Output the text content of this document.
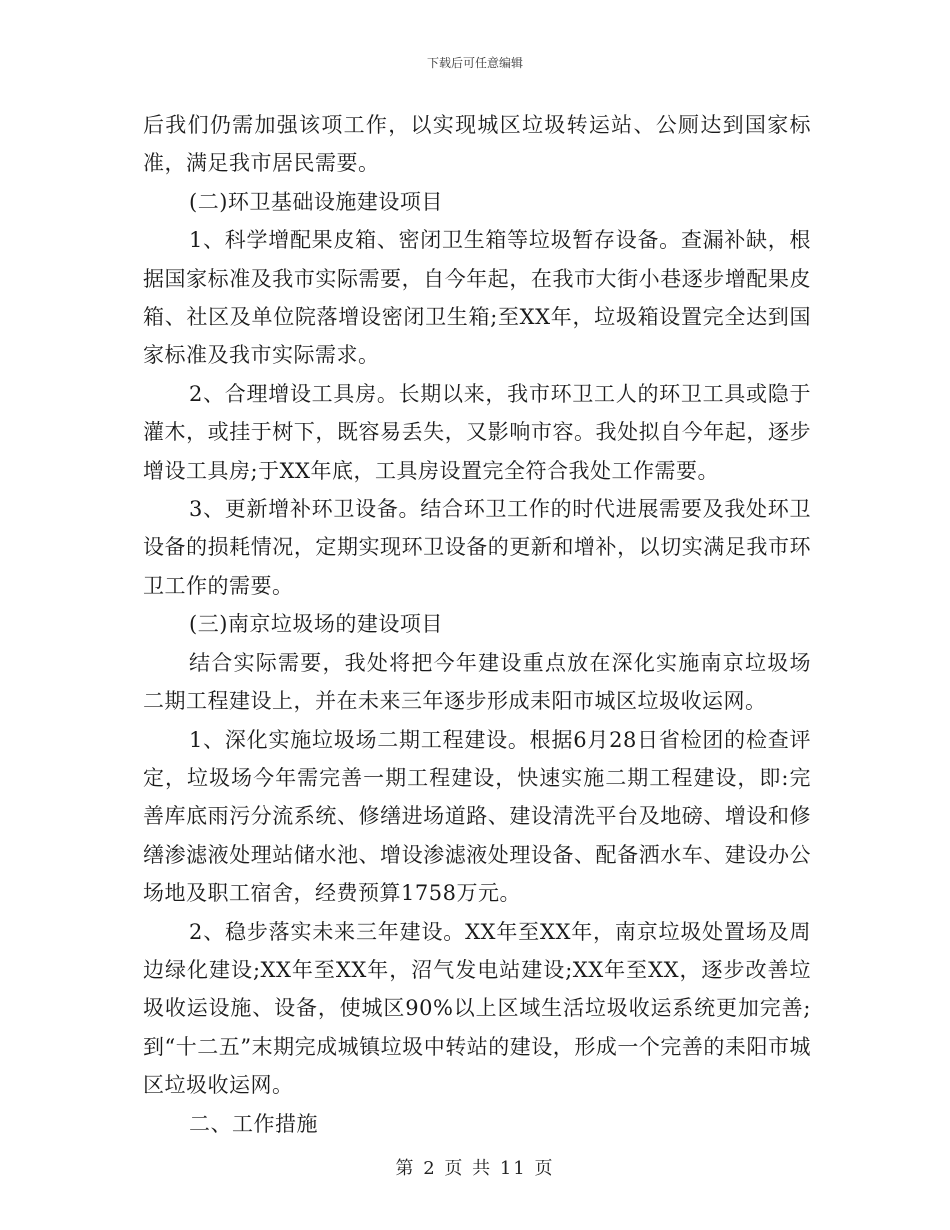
下载后可任意编辑

后我们仍需加强该项工作，以实现城区垃圾转运站、公厕达到国家标准，满足我市居民需要。

(二)环卫基础设施建设项目

1、科学增配果皮箱、密闭卫生箱等垃圾暂存设备。查漏补缺，根据国家标准及我市实际需要，自今年起，在我市大街小巷逐步增配果皮箱、社区及单位院落增设密闭卫生箱;至XX年，垃圾箱设置完全达到国家标准及我市实际需求。

2、合理增设工具房。长期以来，我市环卫工人的环卫工具或隐于灌木，或挂于树下，既容易丢失，又影响市容。我处拟自今年起，逐步增设工具房;于XX年底，工具房设置完全符合我处工作需要。

3、更新增补环卫设备。结合环卫工作的时代进展需要及我处环卫设备的损耗情况，定期实现环卫设备的更新和增补，以切实满足我市环卫工作的需要。

(三)南京垃圾场的建设项目

结合实际需要，我处将把今年建设重点放在深化实施南京垃圾场二期工程建设上，并在未来三年逐步形成耒阳市城区垃圾收运网。

1、深化实施垃圾场二期工程建设。根据6月28日省检团的检查评定，垃圾场今年需完善一期工程建设，快速实施二期工程建设，即:完善库底雨污分流系统、修缮进场道路、建设清洗平台及地磅、增设和修缮渗滤液处理站储水池、增设渗滤液处理设备、配备洒水车、建设办公场地及职工宿舍，经费预算1758万元。

2、稳步落实未来三年建设。XX年至XX年，南京垃圾处置场及周边绿化建设;XX年至XX年，沼气发电站建设;XX年至XX，逐步改善垃圾收运设施、设备，使城区90%以上区域生活垃圾收运系统更加完善;到“十二五”末期完成城镇垃圾中转站的建设，形成一个完善的耒阳市城区垃圾收运网。

二、工作措施

第 2 页 共 11 页
